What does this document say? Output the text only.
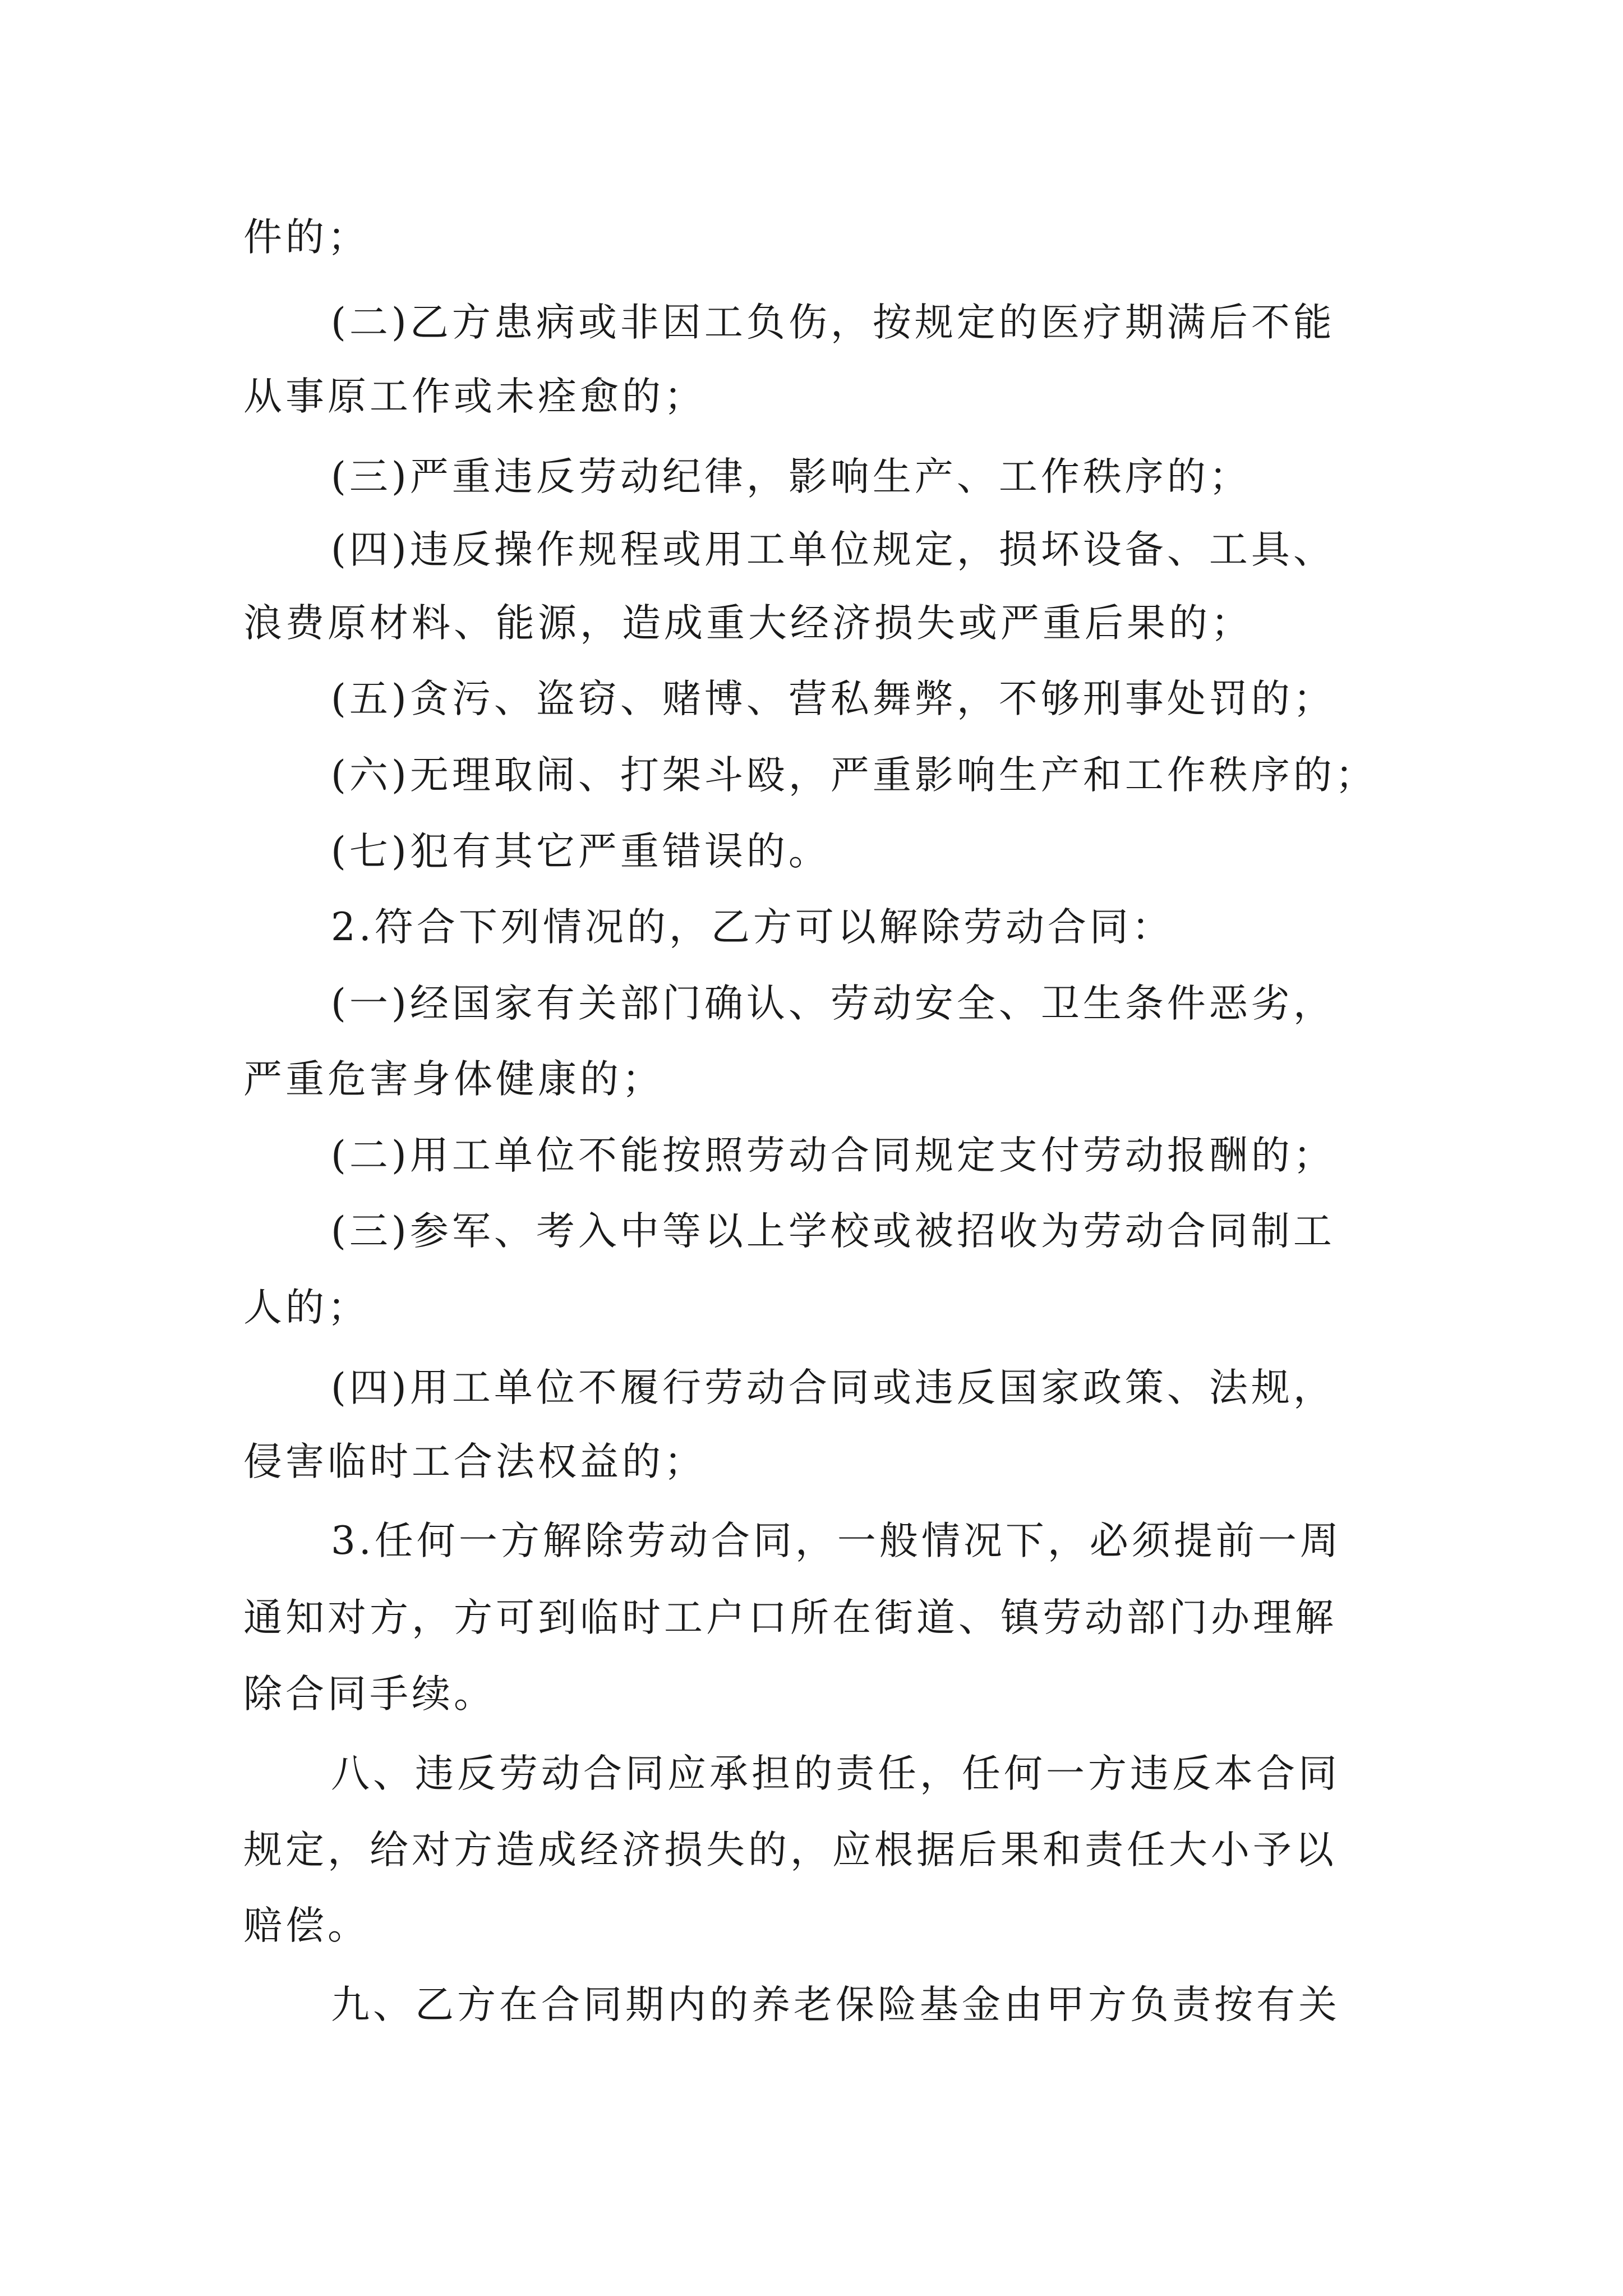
件的；
(二)乙方患病或非因工负伤，按规定的医疗期满后不能
从事原工作或未痊愈的；
(三)严重违反劳动纪律，影响生产、工作秩序的；
(四)违反操作规程或用工单位规定，损坏设备、工具、
浪费原材料、能源，造成重大经济损失或严重后果的；
(五)贪污、盗窃、赌博、营私舞弊，不够刑事处罚的；
(六)无理取闹、打架斗殴，严重影响生产和工作秩序的；
(七)犯有其它严重错误的。
2.符合下列情况的，乙方可以解除劳动合同：
(一)经国家有关部门确认、劳动安全、卫生条件恶劣，
严重危害身体健康的；
(二)用工单位不能按照劳动合同规定支付劳动报酬的；
(三)参军、考入中等以上学校或被招收为劳动合同制工
人的；
(四)用工单位不履行劳动合同或违反国家政策、法规，
侵害临时工合法权益的；
3.任何一方解除劳动合同，一般情况下，必须提前一周
通知对方，方可到临时工户口所在街道、镇劳动部门办理解
除合同手续。
八、违反劳动合同应承担的责任，任何一方违反本合同
规定，给对方造成经济损失的，应根据后果和责任大小予以
赔偿。
九、乙方在合同期内的养老保险基金由甲方负责按有关
